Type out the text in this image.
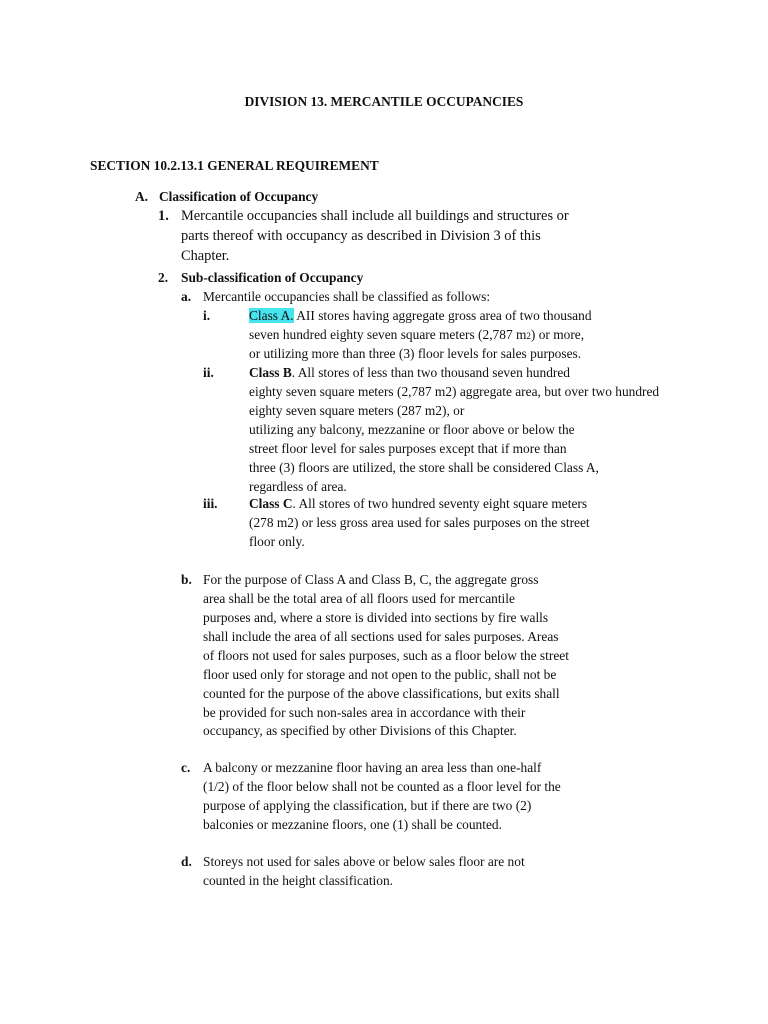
DIVISION 13. MERCANTILE OCCUPANCIES
SECTION 10.2.13.1 GENERAL REQUIREMENT
A. Classification of Occupancy
1. Mercantile occupancies shall include all buildings and structures or
parts thereof with occupancy as described in Division 3 of this
Chapter.
2. Sub-classification of Occupancy
a. Mercantile occupancies shall be classified as follows:
i.	Class A. AII stores having aggregate gross area of two thousand
seven hundred eighty seven square meters (2,787 m2) or more,
or utilizing more than three (3) floor levels for sales purposes.
ii.	Class B. All stores of less than two thousand seven hundred
eighty seven square meters (2,787 m2) aggregate area, but over two hundred
eighty seven square meters (287 m2), or
utilizing any balcony, mezzanine or floor above or below the
street floor level for sales purposes except that if more than
three (3) floors are utilized, the store shall be considered Class A,
regardless of area.
iii. Class C. All stores of two hundred seventy eight square meters
(278 m2) or less gross area used for sales purposes on the street
floor only.
b. For the purpose of Class A and Class B, C, the aggregate gross
area shall be the total area of all floors used for mercantile
purposes and, where a store is divided into sections by fire walls
shall include the area of all sections used for sales purposes. Areas
of floors not used for sales purposes, such as a floor below the street
floor used only for storage and not open to the public, shall not be
counted for the purpose of the above classifications, but exits shall
be provided for such non-sales area in accordance with their
occupancy, as specified by other Divisions of this Chapter.
c. A balcony or mezzanine floor having an area less than one-half
(1/2) of the floor below shall not be counted as a floor level for the
purpose of applying the classification, but if there are two (2)
balconies or mezzanine floors, one (1) shall be counted.
d. Storeys not used for sales above or below sales floor are not
counted in the height classification.
